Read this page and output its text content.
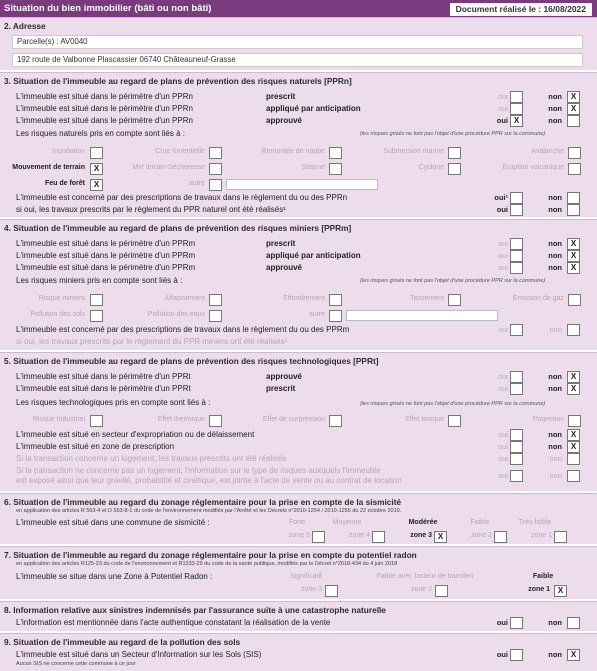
Situation du bien immobilier (bâti ou non bâti)	Document réalisé le : 16/08/2022
2. Adresse
Parcelle(s) : AV0040
192 route de Valbonne Plascassier 06740 Châteauneuf-Grasse
3. Situation de l'immeuble au regard de plans de prévention des risques naturels [PPRn]
L'immeuble est situé dans le périmètre d'un PPRn	prescrit	oui	non	X
L'immeuble est situé dans le périmètre d'un PPRn	appliqué par anticipation	oui	non	X
L'immeuble est situé dans le périmètre d'un PPRn	approuvé	oui X	non
Les risques naturels pris en compte sont liés à :	(les risques grisés ne font pas l'objet d'une procédure PPR sur la commune)
Inondation	Crue torrentielle	Remontée de nappe	Submersion marine	Avalanche
Mouvement de terrain	X	Mvt terrain-Sécheresse	Séisme	Cyclone	Eruption volcanique
Feu de forêt	X	autre
L'immeuble est concerné par des prescriptions de travaux dans le règlement du ou des PPRn	oui¹	non
si oui, les travaux prescrits par le règlement du PPR naturel ont été réalisés¹	oui	non
4. Situation de l'immeuble au regard de plans de prévention des risques miniers [PPRm]
L'immeuble est situé dans le périmètre d'un PPRm	prescrit	oui	non	X
L'immeuble est situé dans le périmètre d'un PPRm	appliqué par anticipation	oui	non	X
L'immeuble est situé dans le périmètre d'un PPRm	approuvé	oui	non	X
Les risques miniers pris en compte sont liés à :	(les risques grisés ne font pas l'objet d'une procédure PPR sur la commune)
Risque miniers	Affaissement	Effondrement	Tassement	Emission de gaz
Pollution des sols	Pollution des eaux	autre
L'immeuble est concerné par des prescriptions de travaux dans le règlement du ou des PPRm	oui	non
si oui, les travaux prescrits par le règlement du PPR miniers ont été réalisés¹
5. Situation de l'immeuble au regard de plans de prévention des risques technologiques [PPRt]
L'immeuble est situé dans le périmètre d'un PPRt	approuvé	oui	non	X
L'immeuble est situé dans le périmètre d'un PPRt	prescrit	oui	non	X
Les risques technologiques pris en compte sont liés à :	(les risques grisés ne font pas l'objet d'une procédure PPR sur la commune)
Risque Industriel	Effet thermique	Effet de surpression	Effet toxique	Projection
L'immeuble est situé en secteur d'expropriation ou de délaissement	oui	non	X
L'immeuble est situé en zone de prescription	oui	non	X
Si la transaction concerne un logement, les travaux prescrits ont été réalisés	oui	non
Si la transaction ne concerne pas un logement, l'information sur le type de risques auxquels l'immeuble
est exposé ainsi que leur gravité, probabilité et cinétique, est jointe à l'acte de vente ou au contrat de location
oui	non
6. Situation de l'immeuble au regard du zonage réglementaire pour la prise en compte de la sismicité
en application des articles R 563-4 et D 563-8-1 du code de l'environnement modifiés par l'Arrêté et les Décrets n°2010-1254 / 2010-1255 du 22 octobre 2010.
L'immeuble est situé dans une commune de sismicité :	Forte	Moyenne	Modérée	Faible	Très faible
zone 5	zone 4	zone 3 X	zone 2	zone 1
7. Situation de l'immeuble au regard du zonage réglementaire pour la prise en compte du potentiel radon
en application des articles R125-23 du code de l'environnement et R1333-29 du code de la santé publique, modifiés par le Décret n°2018-434 du 4 juin 2018
L'immeuble se situe dans une Zone à Potentiel Radon :	Significatif	Faible avec facteur de transfert	Faible
zone 3	zone 2	zone 1 X
8. Information relative aux sinistres indemnisés par l'assurance suite à une catastrophe naturelle
L'information est mentionnée dans l'acte authentique constatant la réalisation de la vente	oui	non
9. Situation de l'immeuble au regard de la pollution des sols
L'immeuble est situé dans un Secteur d'Information sur les Sols (SIS)
Aucun SIS ne concerne cette commune à ce jour
oui	non	X
